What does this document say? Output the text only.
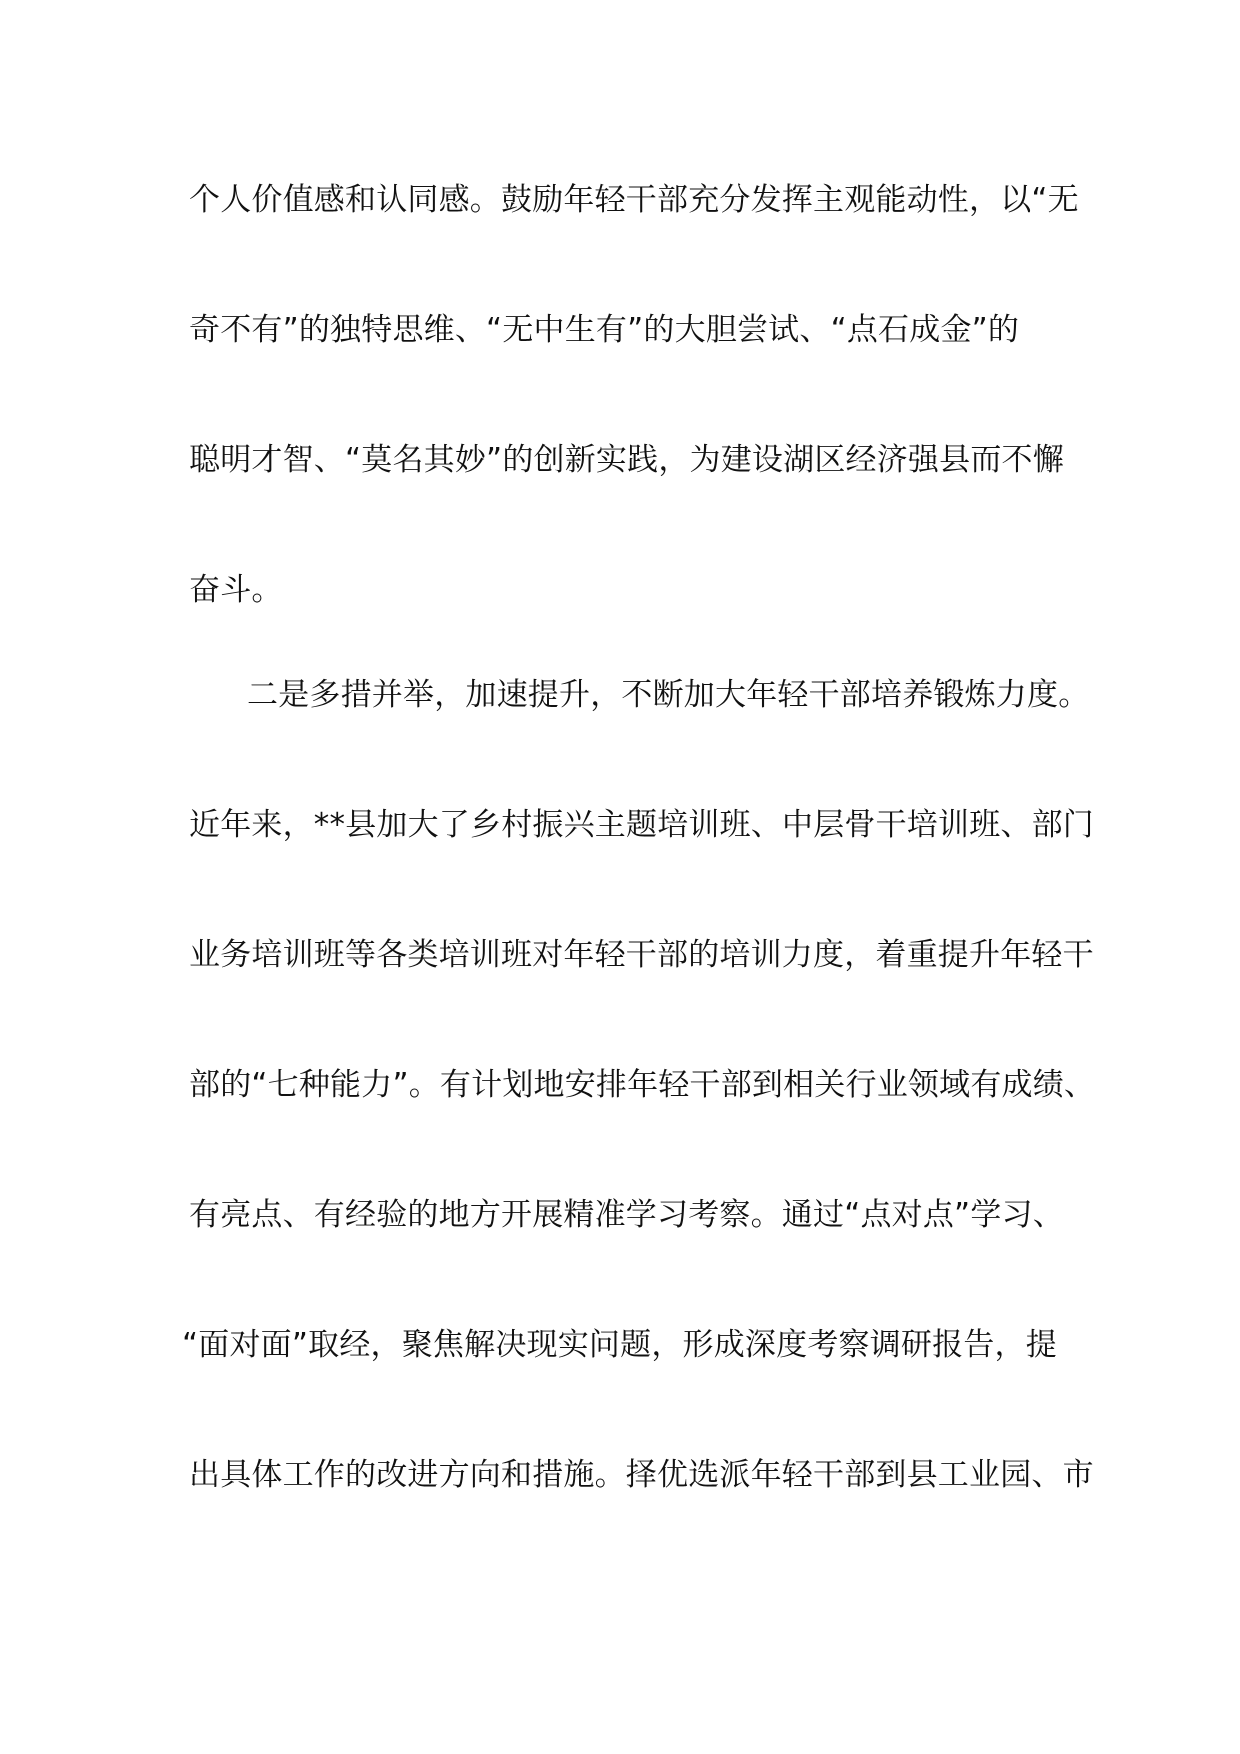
个人价值感和认同感。鼓励年轻干部充分发挥主观能动性，以“无
奇不有”的独特思维、“无中生有”的大胆尝试、“点石成金”的
聪明才智、“莫名其妙”的创新实践，为建设湖区经济强县而不懈
奋斗。
二是多措并举，加速提升，不断加大年轻干部培养锻炼力度。
近年来，**县加大了乡村振兴主题培训班、中层骨干培训班、部门
业务培训班等各类培训班对年轻干部的培训力度，着重提升年轻干
部的“七种能力”。有计划地安排年轻干部到相关行业领域有成绩、
有亮点、有经验的地方开展精准学习考察。通过“点对点”学习、
“面对面”取经，聚焦解决现实问题，形成深度考察调研报告，提
出具体工作的改进方向和措施。择优选派年轻干部到县工业园、市
